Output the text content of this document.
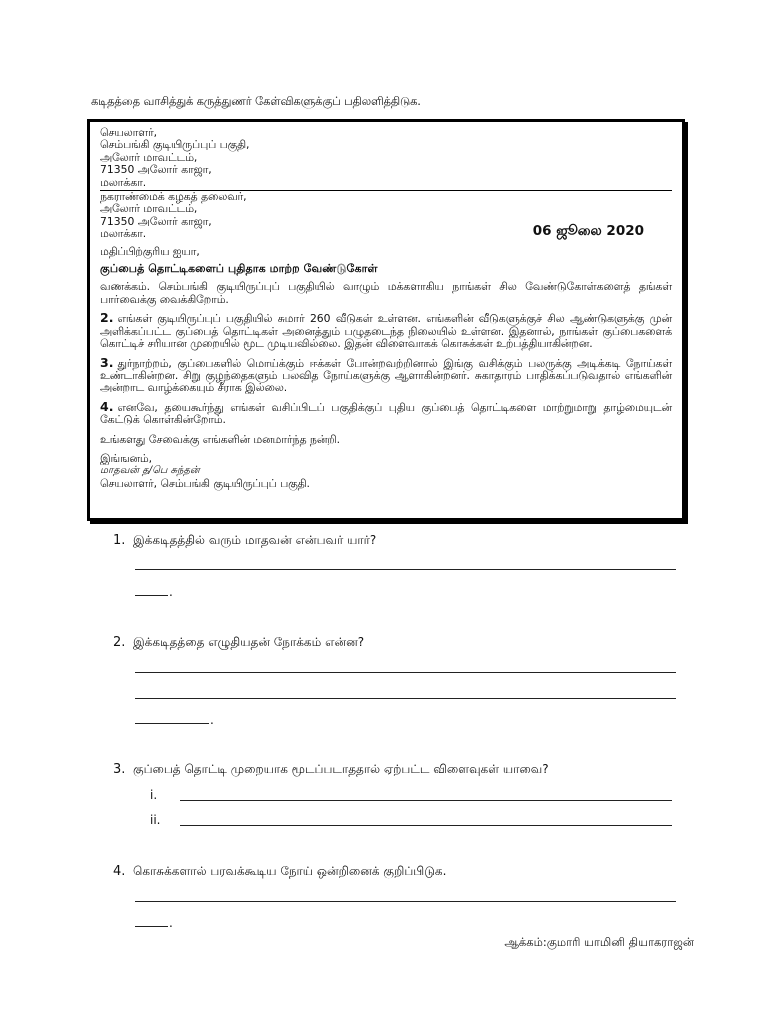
கடிதத்தை வாசித்துக் கருத்துணர் கேள்விகளுக்குப் பதிலளித்திடுக.
செயலாளர்,
செம்பங்கி குடியிருப்புப் பகுதி,
அலோர் மாவட்டம்,
71350 அலோர் காஜா,
மலாக்கா.
நகராண்மைக் கழகத் தலைவர்,
அலோர் மாவட்டம்,
71350 அலோர் காஜா,
மலாக்கா.	06 ஜூலை 2020
மதிப்பிற்குரிய ஐயா,
குப்பைத் தொட்டிகளைப் புதிதாக மாற்ற வேண்டுகோள்
வணக்கம். செம்பங்கி குடியிருப்புப் பகுதியில் வாழும் மக்களாகிய நாங்கள் சில வேண்டுகோள்களைத் தங்கள் பார்வைக்கு வைக்கிறோம்.
2. எங்கள் குடியிருப்புப் பகுதியில் சுமார் 260 வீடுகள் உள்ளன. எங்களின் வீடுகளுக்குச் சில ஆண்டுகளுக்கு முன் அளிக்கப்பட்ட குப்பைத் தொட்டிகள் அனைத்தும் பழுதடைந்த நிலையில் உள்ளன. இதனால், நாங்கள் குப்பைகளைக் கொட்டிச் சரியான முறையில் மூட முடியவில்லை. இதன் விளைவாகக் கொசுக்கள் உற்பத்தியாகின்றன.
3. துர்நாற்றம், குப்பைகளில் மொய்க்கும் ஈக்கள் போன்றவற்றினால் இங்கு வசிக்கும் பலருக்கு அடிக்கடி நோய்கள் உண்டாகின்றன. சிறு குழந்தைகளும் பலவித நோய்களுக்கு ஆளாகின்றனர். சுகாதாரம் பாதிக்கப்படுவதால் எங்களின் அன்றாட வாழ்க்கையும் சீராக இல்லை.
4. எனவே, தயைகூர்ந்து எங்கள் வசிப்பிடப் பகுதிக்குப் புதிய குப்பைத் தொட்டிகளை மாற்றுமாறு தாழ்மையுடன் கேட்டுக் கொள்கின்றோம்.
உங்களது சேவைக்கு எங்களின் மனமார்ந்த நன்றி.
இங்ஙனம்,
மாதவன் த/பெ சுந்தன்
செயலாளர், செம்பங்கி குடியிருப்புப் பகுதி.
1. இக்கடிதத்தில் வரும் மாதவன் என்பவர் யார்?
.
2. இக்கடிதத்தை எழுதியதன் நோக்கம் என்ன?
.
3. குப்பைத் தொட்டி முறையாக மூடப்படாததால் ஏற்பட்ட விளைவுகள் யாவை?
i.
ii.
4. கொசுக்களால் பரவக்கூடிய நோய் ஒன்றினைக் குறிப்பிடுக.
.
ஆக்கம்:குமாரி யாமினி தியாகராஜன்
